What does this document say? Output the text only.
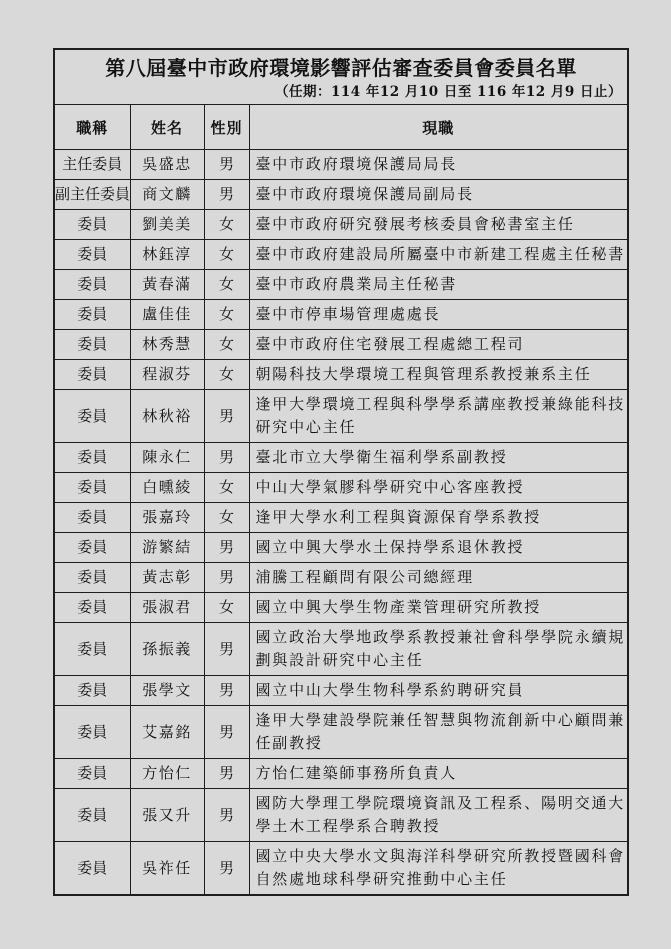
第八屆臺中市政府環境影響評估審查委員會委員名單
（任期：114 年12 月10 日至 116 年12 月9 日止）			

職稱	姓名	性別	現職
主任委員	吳盛忠	男	臺中市政府環境保護局局長
副主任委員	商文麟	男	臺中市政府環境保護局副局長
委員	劉美美	女	臺中市政府研究發展考核委員會秘書室主任
委員	林鈺淳	女	臺中市政府建設局所屬臺中市新建工程處主任秘書
委員	黃春滿	女	臺中市政府農業局主任秘書
委員	盧佳佳	女	臺中市停車場管理處處長
委員	林秀慧	女	臺中市政府住宅發展工程處總工程司
委員	程淑芬	女	朝陽科技大學環境工程與管理系教授兼系主任
委員	林秋裕	男	逢甲大學環境工程與科學學系講座教授兼綠能科技研究中心主任
委員	陳永仁	男	臺北市立大學衛生福利學系副教授
委員	白曛綾	女	中山大學氣膠科學研究中心客座教授
委員	張嘉玲	女	逢甲大學水利工程與資源保育學系教授
委員	游繁結	男	國立中興大學水土保持學系退休教授
委員	黃志彰	男	浦騰工程顧問有限公司總經理
委員	張淑君	女	國立中興大學生物產業管理研究所教授
委員	孫振義	男	國立政治大學地政學系教授兼社會科學學院永續規劃與設計研究中心主任
委員	張學文	男	國立中山大學生物科學系約聘研究員
委員	艾嘉銘	男	逢甲大學建設學院兼任智慧與物流創新中心顧問兼任副教授
委員	方怡仁	男	方怡仁建築師事務所負責人
委員	張又升	男	國防大學理工學院環境資訊及工程系、陽明交通大學土木工程學系合聘教授
委員	吳祚任	男	國立中央大學水文與海洋科學研究所教授暨國科會自然處地球科學研究推動中心主任
